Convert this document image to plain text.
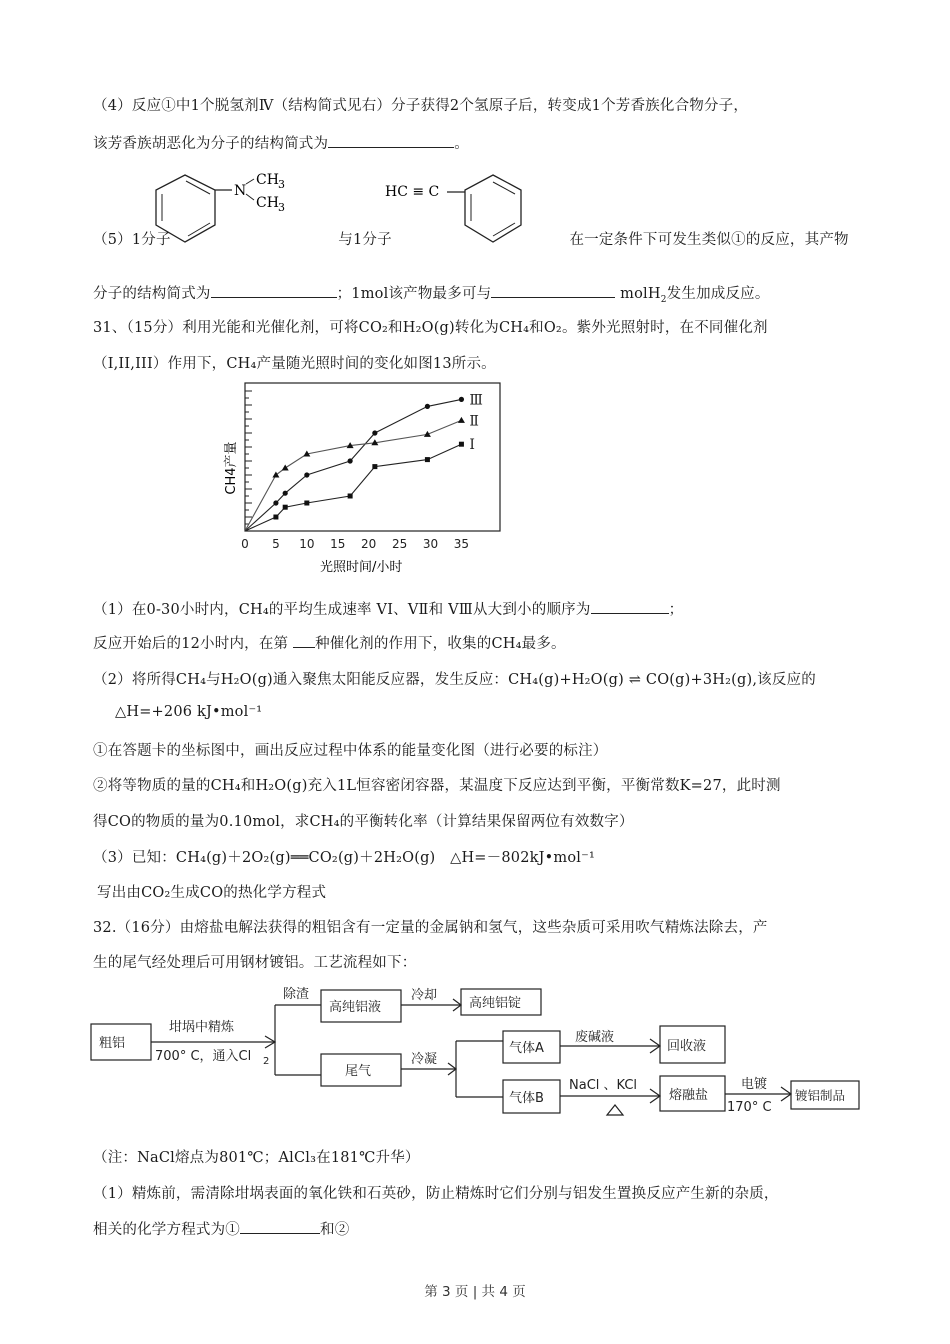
（4）反应①中1个脱氢剂Ⅳ（结构简式见右）分子获得2个氢原子后，转变成1个芳香族化合物分子，
该芳香族胡恶化为分子的结构简式为	。
N
CH 3
CH 3
HC ≡ C
（5）1分子	与1分子	在一定条件下可发生类似①的反应，其产物
分子的结构简式为	；1mol该产物最多可与	molH$_2$发生加成反应。
31、（15分）利用光能和光催化剂，可将CO₂和H₂O(g)转化为CH₄和O₂。紫外光照射时，在不同催化剂
（I,II,III）作用下，CH₄产量随光照时间的变化如图13所示。
0 5 10 15 20 25 30 35
Ⅲ
Ⅱ
Ⅰ
CH4产量
光照时间/小时
（1）在0-30小时内，CH₄的平均生成速率 VⅠ、VⅡ和 VⅢ从大到小的顺序为	；
反应开始后的12小时内，在第 种催化剂的作用下，收集的CH₄最多。
（2）将所得CH₄与H₂O(g)通入聚焦太阳能反应器，发生反应：CH₄(g)+H₂O(g) ⇌ CO(g)+3H₂(g),该反应的
△H=+206 kJ•mol⁻¹
①在答题卡的坐标图中，画出反应过程中体系的能量变化图（进行必要的标注）
②将等物质的量的CH₄和H₂O(g)充入1L恒容密闭容器，某温度下反应达到平衡，平衡常数K=27，此时测
得CO的物质的量为0.10mol，求CH₄的平衡转化率（计算结果保留两位有效数字）
（3）已知：CH₄(g)＋2O₂(g)══CO₂(g)＋2H₂O(g)　△H=－802kJ•mol⁻¹
写出由CO₂生成CO的热化学方程式
32.（16分）由熔盐电解法获得的粗铝含有一定量的金属钠和氢气，这些杂质可采用吹气精炼法除去，产
生的尾气经处理后可用钢材镀铝。工艺流程如下：
粗铝
坩埚中精炼
700° C，通入Cl 2
除渣
高纯铝液
冷却
高纯铝锭
尾气
冷凝
气体A
废碱液
回收液
气体B
NaCl 、KCl
熔融盐
电镀
170° C
镀铝制品
（注：NaCl熔点为801℃；AlCl₃在181℃升华）
（1）精炼前，需清除坩埚表面的氧化铁和石英砂，防止精炼时它们分别与铝发生置换反应产生新的杂质，
相关的化学方程式为①	和②
第 3 页 | 共 4 页
